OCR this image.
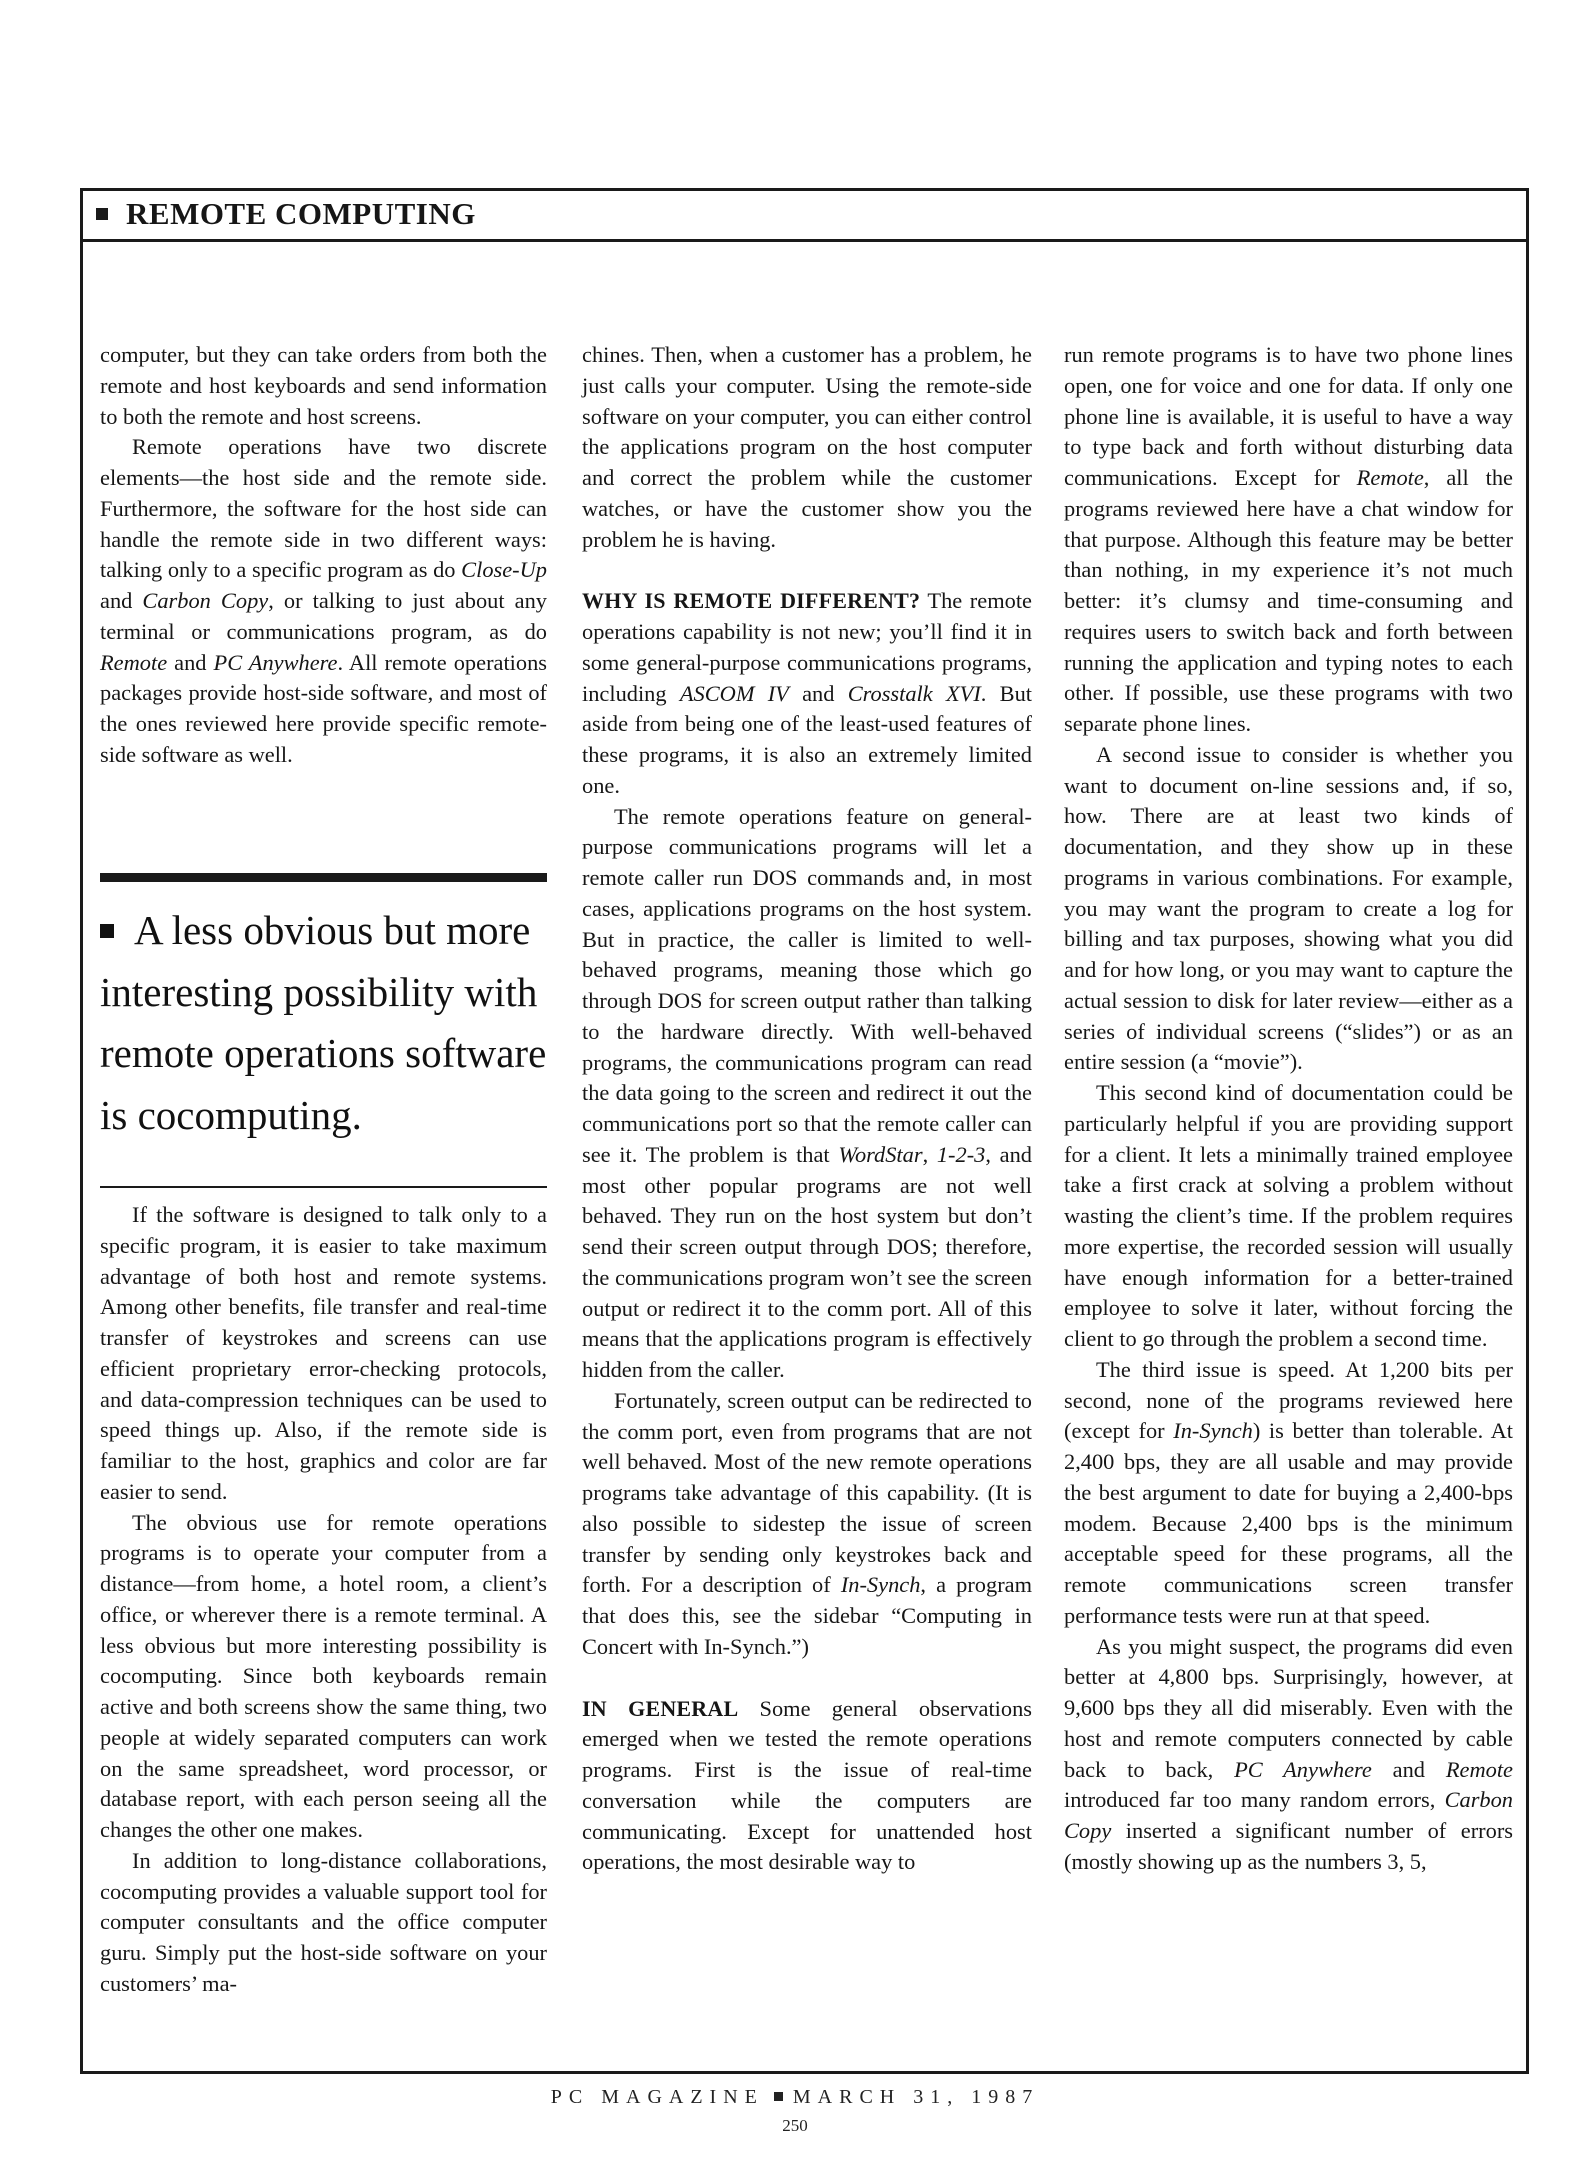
REMOTE COMPUTING

computer, but they can take orders from both the remote and host keyboards and send information to both the remote and host screens.

Remote operations have two discrete elements—the host side and the remote side. Furthermore, the software for the host side can handle the remote side in two different ways: talking only to a specific program as do Close-Up and Carbon Copy, or talking to just about any terminal or communications program, as do Remote and PC Anywhere. All remote operations packages provide host-side software, and most of the ones reviewed here provide specific remote-side software as well.

A less obvious but more interesting possibility with remote operations software is cocomputing.

If the software is designed to talk only to a specific program, it is easier to take maximum advantage of both host and remote systems. Among other benefits, file transfer and real-time transfer of keystrokes and screens can use efficient proprietary error-checking protocols, and data-compression techniques can be used to speed things up. Also, if the remote side is familiar to the host, graphics and color are far easier to send.

The obvious use for remote operations programs is to operate your computer from a distance—from home, a hotel room, a client’s office, or wherever there is a remote terminal. A less obvious but more interesting possibility is cocomputing. Since both keyboards remain active and both screens show the same thing, two people at widely separated computers can work on the same spreadsheet, word processor, or database report, with each person seeing all the changes the other one makes.

In addition to long-distance collaborations, cocomputing provides a valuable support tool for computer consultants and the office computer guru. Simply put the host-side software on your customers’ ma-

chines. Then, when a customer has a problem, he just calls your computer. Using the remote-side software on your computer, you can either control the applications program on the host computer and correct the problem while the customer watches, or have the customer show you the problem he is having.

WHY IS REMOTE DIFFERENT? The remote operations capability is not new; you’ll find it in some general-purpose communications programs, including ASCOM IV and Crosstalk XVI. But aside from being one of the least-used features of these programs, it is also an extremely limited one.

The remote operations feature on general-purpose communications programs will let a remote caller run DOS commands and, in most cases, applications programs on the host system. But in practice, the caller is limited to well-behaved programs, meaning those which go through DOS for screen output rather than talking to the hardware directly. With well-behaved programs, the communications program can read the data going to the screen and redirect it out the communications port so that the remote caller can see it. The problem is that WordStar, 1-2-3, and most other popular programs are not well behaved. They run on the host system but don’t send their screen output through DOS; therefore, the communications program won’t see the screen output or redirect it to the comm port. All of this means that the applications program is effectively hidden from the caller.

Fortunately, screen output can be redirected to the comm port, even from programs that are not well behaved. Most of the new remote operations programs take advantage of this capability. (It is also possible to sidestep the issue of screen transfer by sending only keystrokes back and forth. For a description of In-Synch, a program that does this, see the sidebar “Computing in Concert with In-Synch.”)

IN GENERAL Some general observations emerged when we tested the remote operations programs. First is the issue of real-time conversation while the computers are communicating. Except for unattended host operations, the most desirable way to

run remote programs is to have two phone lines open, one for voice and one for data. If only one phone line is available, it is useful to have a way to type back and forth without disturbing data communications. Except for Remote, all the programs reviewed here have a chat window for that purpose. Although this feature may be better than nothing, in my experience it’s not much better: it’s clumsy and time-consuming and requires users to switch back and forth between running the application and typing notes to each other. If possible, use these programs with two separate phone lines.

A second issue to consider is whether you want to document on-line sessions and, if so, how. There are at least two kinds of documentation, and they show up in these programs in various combinations. For example, you may want the program to create a log for billing and tax purposes, showing what you did and for how long, or you may want to capture the actual session to disk for later review—either as a series of individual screens (“slides”) or as an entire session (a “movie”).

This second kind of documentation could be particularly helpful if you are providing support for a client. It lets a minimally trained employee take a first crack at solving a problem without wasting the client’s time. If the problem requires more expertise, the recorded session will usually have enough information for a better-trained employee to solve it later, without forcing the client to go through the problem a second time.

The third issue is speed. At 1,200 bits per second, none of the programs reviewed here (except for In-Synch) is better than tolerable. At 2,400 bps, they are all usable and may provide the best argument to date for buying a 2,400-bps modem. Because 2,400 bps is the minimum acceptable speed for these programs, all the remote communications screen transfer performance tests were run at that speed.

As you might suspect, the programs did even better at 4,800 bps. Surprisingly, however, at 9,600 bps they all did miserably. Even with the host and remote computers connected by cable back to back, PC Anywhere and Remote introduced far too many random errors, Carbon Copy inserted a significant number of errors (mostly showing up as the numbers 3, 5,

PC MAGAZINE MARCH 31, 1987
250
